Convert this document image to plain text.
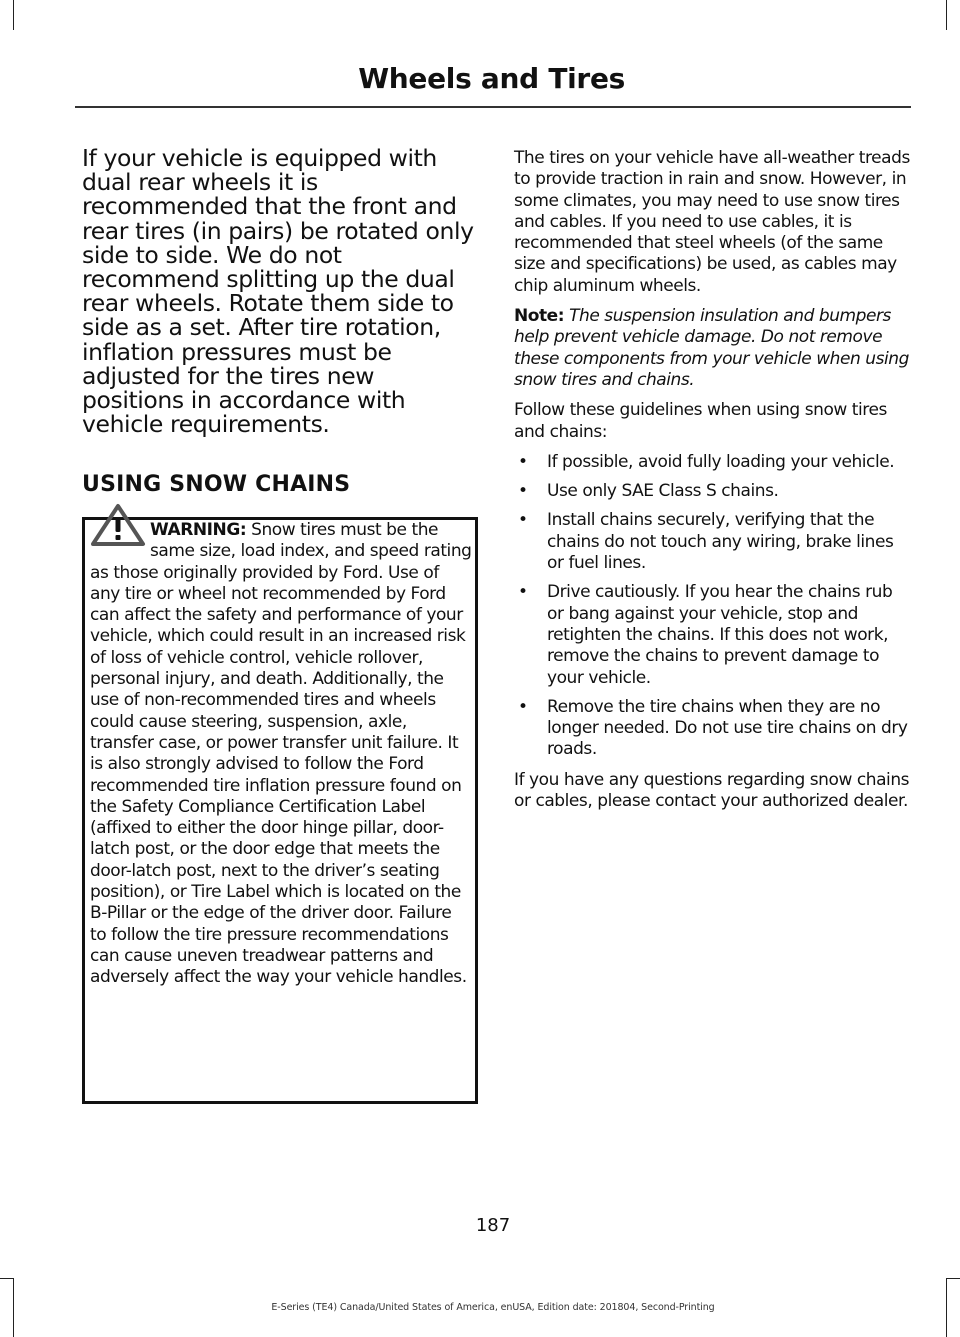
Wheels and Tires

If your vehicle is equipped with dual rear wheels it is recommended that the front and rear tires (in pairs) be rotated only side to side. We do not recommend splitting up the dual rear wheels. Rotate them side to side as a set. After tire rotation, inflation pressures must be adjusted for the tires new positions in accordance with vehicle requirements.

USING SNOW CHAINS

WARNING: Snow tires must be the same size, load index, and speed rating as those originally provided by Ford. Use of any tire or wheel not recommended by Ford can affect the safety and performance of your vehicle, which could result in an increased risk of loss of vehicle control, vehicle rollover, personal injury, and death. Additionally, the use of non-recommended tires and wheels could cause steering, suspension, axle, transfer case, or power transfer unit failure. It is also strongly advised to follow the Ford recommended tire inflation pressure found on the Safety Compliance Certification Label (affixed to either the door hinge pillar, door-latch post, or the door edge that meets the door-latch post, next to the driver’s seating position), or Tire Label which is located on the B-Pillar or the edge of the driver door. Failure to follow the tire pressure recommendations can cause uneven treadwear patterns and adversely affect the way your vehicle handles.

The tires on your vehicle have all-weather treads to provide traction in rain and snow. However, in some climates, you may need to use snow tires and cables. If you need to use cables, it is recommended that steel wheels (of the same size and specifications) be used, as cables may chip aluminum wheels.

Note: The suspension insulation and bumpers help prevent vehicle damage. Do not remove these components from your vehicle when using snow tires and chains.

Follow these guidelines when using snow tires and chains:

• If possible, avoid fully loading your vehicle.
• Use only SAE Class S chains.
• Install chains securely, verifying that the chains do not touch any wiring, brake lines or fuel lines.
• Drive cautiously. If you hear the chains rub or bang against your vehicle, stop and retighten the chains. If this does not work, remove the chains to prevent damage to your vehicle.
• Remove the tire chains when they are no longer needed. Do not use tire chains on dry roads.

If you have any questions regarding snow chains or cables, please contact your authorized dealer.

187
E-Series (TE4) Canada/United States of America, enUSA, Edition date: 201804, Second-Printing
